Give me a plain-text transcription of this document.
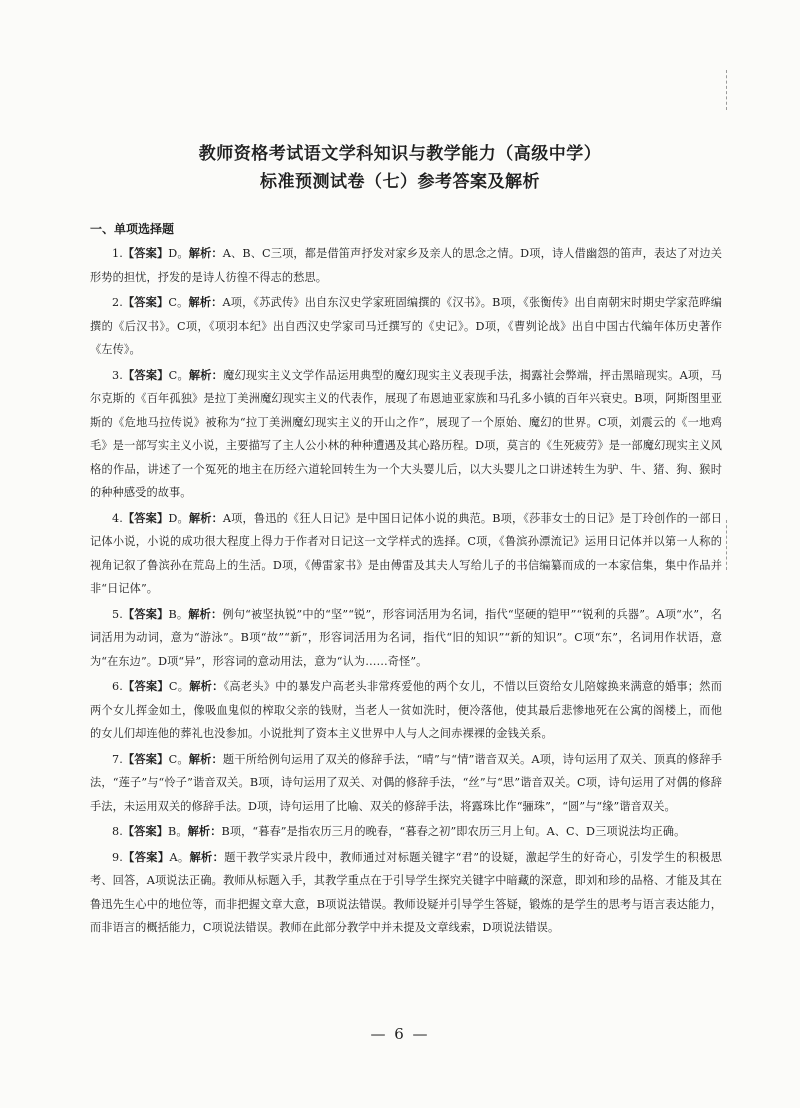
教师资格考试语文学科知识与教学能力（高级中学）

标准预测试卷（七）参考答案及解析

一、单项选择题

1.【答案】D。解析：A、B、C三项，都是借笛声抒发对家乡及亲人的思念之情。D项，诗人借幽怨的笛声，表达了对边关形势的担忧，抒发的是诗人彷徨不得志的愁思。

2.【答案】C。解析：A项，《苏武传》出自东汉史学家班固编撰的《汉书》。B项，《张衡传》出自南朝宋时期史学家范晔编撰的《后汉书》。C项，《项羽本纪》出自西汉史学家司马迁撰写的《史记》。D项，《曹刿论战》出自中国古代编年体历史著作《左传》。

3.【答案】C。解析：魔幻现实主义文学作品运用典型的魔幻现实主义表现手法，揭露社会弊端，抨击黑暗现实。A项，马尔克斯的《百年孤独》是拉丁美洲魔幻现实主义的代表作，展现了布恩迪亚家族和马孔多小镇的百年兴衰史。B项，阿斯图里亚斯的《危地马拉传说》被称为“拉丁美洲魔幻现实主义的开山之作”，展现了一个原始、魔幻的世界。C项，刘震云的《一地鸡毛》是一部写实主义小说，主要描写了主人公小林的种种遭遇及其心路历程。D项，莫言的《生死疲劳》是一部魔幻现实主义风格的作品，讲述了一个冤死的地主在历经六道轮回转生为一个大头婴儿后，以大头婴儿之口讲述转生为驴、牛、猪、狗、猴时的种种感受的故事。

4.【答案】D。解析：A项，鲁迅的《狂人日记》是中国日记体小说的典范。B项，《莎菲女士的日记》是丁玲创作的一部日记体小说，小说的成功很大程度上得力于作者对日记这一文学样式的选择。C项，《鲁滨孙漂流记》运用日记体并以第一人称的视角记叙了鲁滨孙在荒岛上的生活。D项，《傅雷家书》是由傅雷及其夫人写给儿子的书信编纂而成的一本家信集，集中作品并非“日记体”。

5.【答案】B。解析：例句“被坚执锐”中的“坚”“锐”，形容词活用为名词，指代“坚硬的铠甲”“锐利的兵器”。A项“水”，名词活用为动词，意为“游泳”。B项“故”“新”，形容词活用为名词，指代“旧的知识”“新的知识”。C项“东”，名词用作状语，意为“在东边”。D项“异”，形容词的意动用法，意为“认为……奇怪”。

6.【答案】C。解析：《高老头》中的暴发户高老头非常疼爱他的两个女儿，不惜以巨资给女儿陪嫁换来满意的婚事；然而两个女儿挥金如土，像吸血鬼似的榨取父亲的钱财，当老人一贫如洗时，便冷落他，使其最后悲惨地死在公寓的阁楼上，而他的女儿们却连他的葬礼也没参加。小说批判了资本主义世界中人与人之间赤裸裸的金钱关系。

7.【答案】C。解析：题干所给例句运用了双关的修辞手法，“晴”与“情”谐音双关。A项，诗句运用了双关、顶真的修辞手法，“莲子”与“怜子”谐音双关。B项，诗句运用了双关、对偶的修辞手法，“丝”与“思”谐音双关。C项，诗句运用了对偶的修辞手法，未运用双关的修辞手法。D项，诗句运用了比喻、双关的修辞手法，将露珠比作“骊珠”，“圆”与“缘”谐音双关。

8.【答案】B。解析：B项，“暮春”是指农历三月的晚春，“暮春之初”即农历三月上旬。A、C、D三项说法均正确。

9.【答案】A。解析：题干教学实录片段中，教师通过对标题关键字“君”的设疑，激起学生的好奇心，引发学生的积极思考、回答，A项说法正确。教师从标题入手，其教学重点在于引导学生探究关键字中暗藏的深意，即刘和珍的品格、才能及其在鲁迅先生心中的地位等，而非把握文章大意，B项说法错误。教师设疑并引导学生答疑，锻炼的是学生的思考与语言表达能力，而非语言的概括能力，C项说法错误。教师在此部分教学中并未提及文章线索，D项说法错误。

— 6 —
